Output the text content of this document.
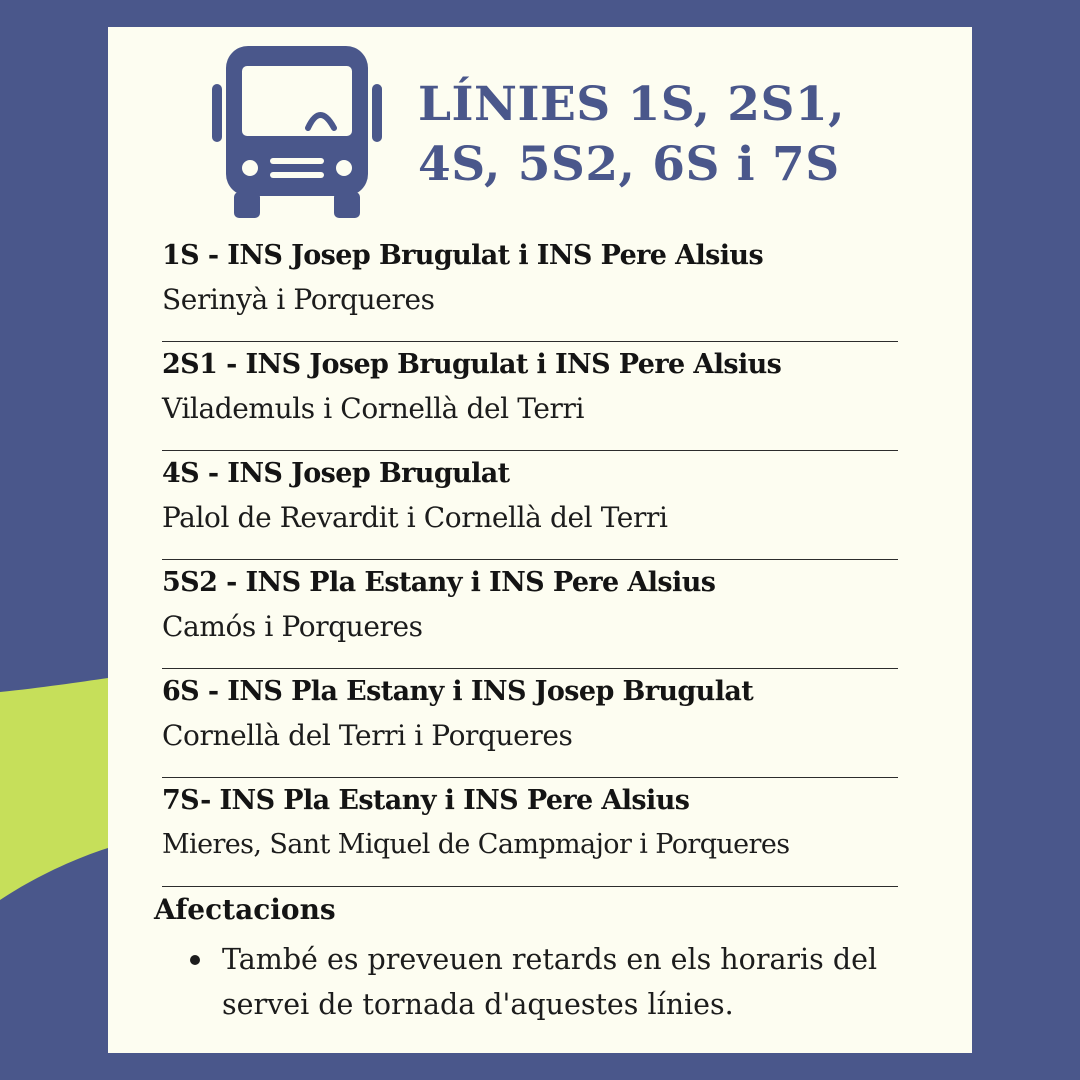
LÍNIES 1S, 2S1,
4S, 5S2, 6S i 7S
1S - INS Josep Brugulat i INS Pere Alsius
Serinyà i Porqueres
2S1 - INS Josep Brugulat i INS Pere Alsius
Vilademuls i Cornellà del Terri
4S - INS Josep Brugulat
Palol de Revardit i Cornellà del Terri
5S2 - INS Pla Estany i INS Pere Alsius
Camós i Porqueres
6S - INS Pla Estany i INS Josep Brugulat
Cornellà del Terri i Porqueres
7S- INS Pla Estany i INS Pere Alsius
Mieres, Sant Miquel de Campmajor i Porqueres
Afectacions
També es preveuen retards en els horaris del servei de tornada d'aquestes línies.
